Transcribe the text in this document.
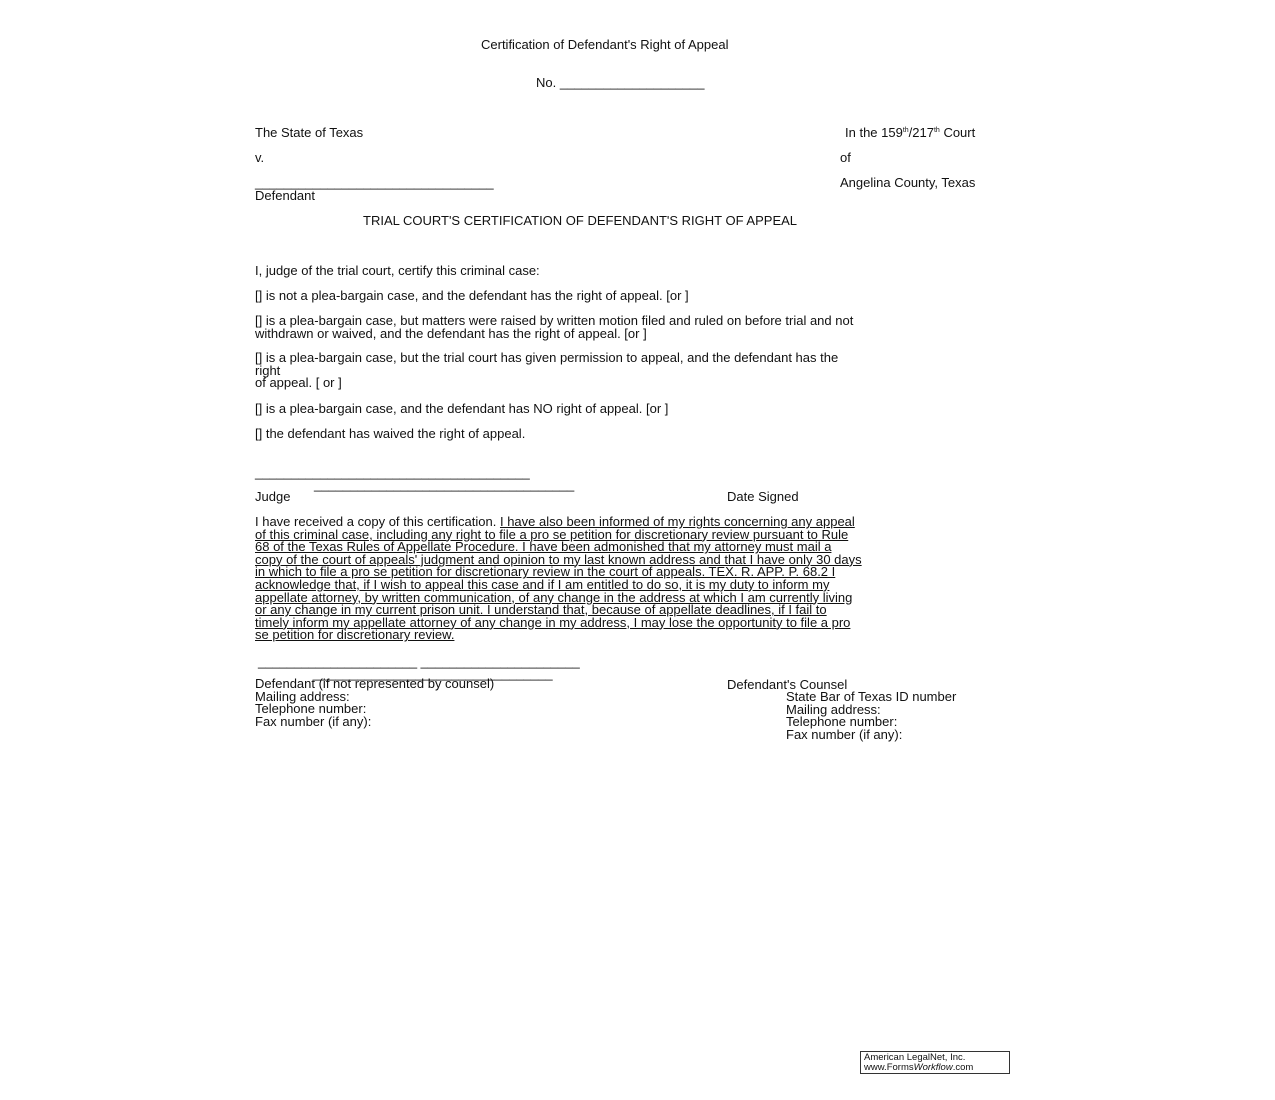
Certification of Defendant's Right of Appeal
No. ____________________
The State of Texas
v.
_________________________________
Defendant
In the 159th/217th Court
of
Angelina County, Texas
TRIAL COURT'S CERTIFICATION OF DEFENDANT'S RIGHT OF APPEAL
I, judge of the trial court, certify this criminal case:
[] is not a plea-bargain case, and the defendant has the right of appeal. [or ]
[] is a plea-bargain case, but matters were raised by written motion filed and ruled on before trial and not
withdrawn or waived, and the defendant has the right of appeal. [or ]
[] is a plea-bargain case, but the trial court has given permission to appeal, and the defendant has the
right
of appeal. [ or ]
[] is a plea-bargain case, and the defendant has NO right of appeal. [or ]
[] the defendant has waived the right of appeal.
______________________________________
____________________________________
Judge	Date Signed
I have received a copy of this certification. I have also been informed of my rights concerning any appeal
of this criminal case, including any right to file a pro se petition for discretionary review pursuant to Rule
68 of the Texas Rules of Appellate Procedure. I have been admonished that my attorney must mail a
copy of the court of appeals' judgment and opinion to my last known address and that I have only 30 days
in which to file a pro se petition for discretionary review in the court of appeals. TEX. R. APP. P. 68.2 I
acknowledge that, if I wish to appeal this case and if I am entitled to do so, it is my duty to inform my
appellate attorney, by written communication, of any change in the address at which I am currently living
or any change in my current prison unit. I understand that, because of appellate deadlines, if I fail to
timely inform my appellate attorney of any change in my address, I may lose the opportunity to file a pro
se petition for discretionary review.
______________________ ______________________
_________________________________
Defendant (if not represented by counsel)
Mailing address:
Telephone number:
Fax number (if any):
Defendant's Counsel
State Bar of Texas ID number
Mailing address:
Telephone number:
Fax number (if any):
American LegalNet, Inc.
www.FormsWorkflow.com
